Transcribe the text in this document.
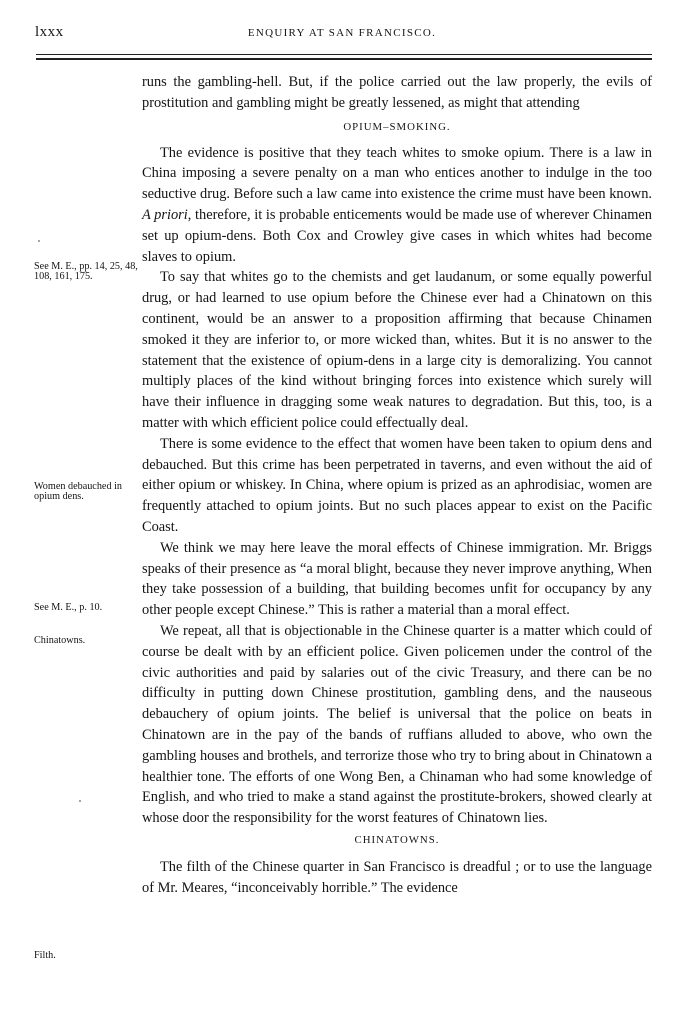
lxxx	ENQUIRY AT SAN FRANCISCO.
See M. E., pp. 14, 25, 48, 108, 161, 175.
Women debauched in opium dens.
See M. E., p. 10.
Chinatowns.
Filth.

runs the gambling-hell. But, if the police carried out the law properly, the evils of prostitution and gambling might be greatly lessened, as might that attending

OPIUM–SMOKING.

The evidence is positive that they teach whites to smoke opium. There is a law in China imposing a severe penalty on a man who entices another to indulge in the too seductive drug. Before such a law came into existence the crime must have been known. A priori, therefore, it is probable enticements would be made use of wherever Chinamen set up opium-dens. Both Cox and Crowley give cases in which whites had become slaves to opium.

To say that whites go to the chemists and get laudanum, or some equally powerful drug, or had learned to use opium before the Chinese ever had a Chinatown on this continent, would be an answer to a proposition affirming that because Chinamen smoked it they are inferior to, or more wicked than, whites. But it is no answer to the statement that the existence of opium-dens in a large city is demoralizing. You cannot multiply places of the kind without bringing forces into existence which surely will have their influence in dragging some weak natures to degradation. But this, too, is a matter with which efficient police could effectually deal.

There is some evidence to the effect that women have been taken to opium dens and debauched. But this crime has been perpetrated in taverns, and even without the aid of either opium or whiskey. In China, where opium is prized as an aphrodisiac, women are frequently attached to opium joints. But no such places appear to exist on the Pacific Coast.

We think we may here leave the moral effects of Chinese immigration. Mr. Briggs speaks of their presence as “a moral blight, because they never improve anything, When they take possession of a building, that building becomes unfit for occupancy by any other people except Chinese.” This is rather a material than a moral effect.

We repeat, all that is objectionable in the Chinese quarter is a matter which could of course be dealt with by an efficient police. Given policemen under the control of the civic authorities and paid by salaries out of the civic Treasury, and there can be no difficulty in putting down Chinese prostitution, gambling dens, and the nauseous debauchery of opium joints. The belief is universal that the police on beats in Chinatown are in the pay of the bands of ruffians alluded to above, who own the gambling houses and brothels, and terrorize those who try to bring about in Chinatown a healthier tone. The efforts of one Wong Ben, a Chinaman who had some knowledge of English, and who tried to make a stand against the prostitute-brokers, showed clearly at whose door the responsibility for the worst features of Chinatown lies.

CHINATOWNS.

The filth of the Chinese quarter in San Francisco is dreadful ; or to use the language of Mr. Meares, “inconceivably horrible.” The evidence
